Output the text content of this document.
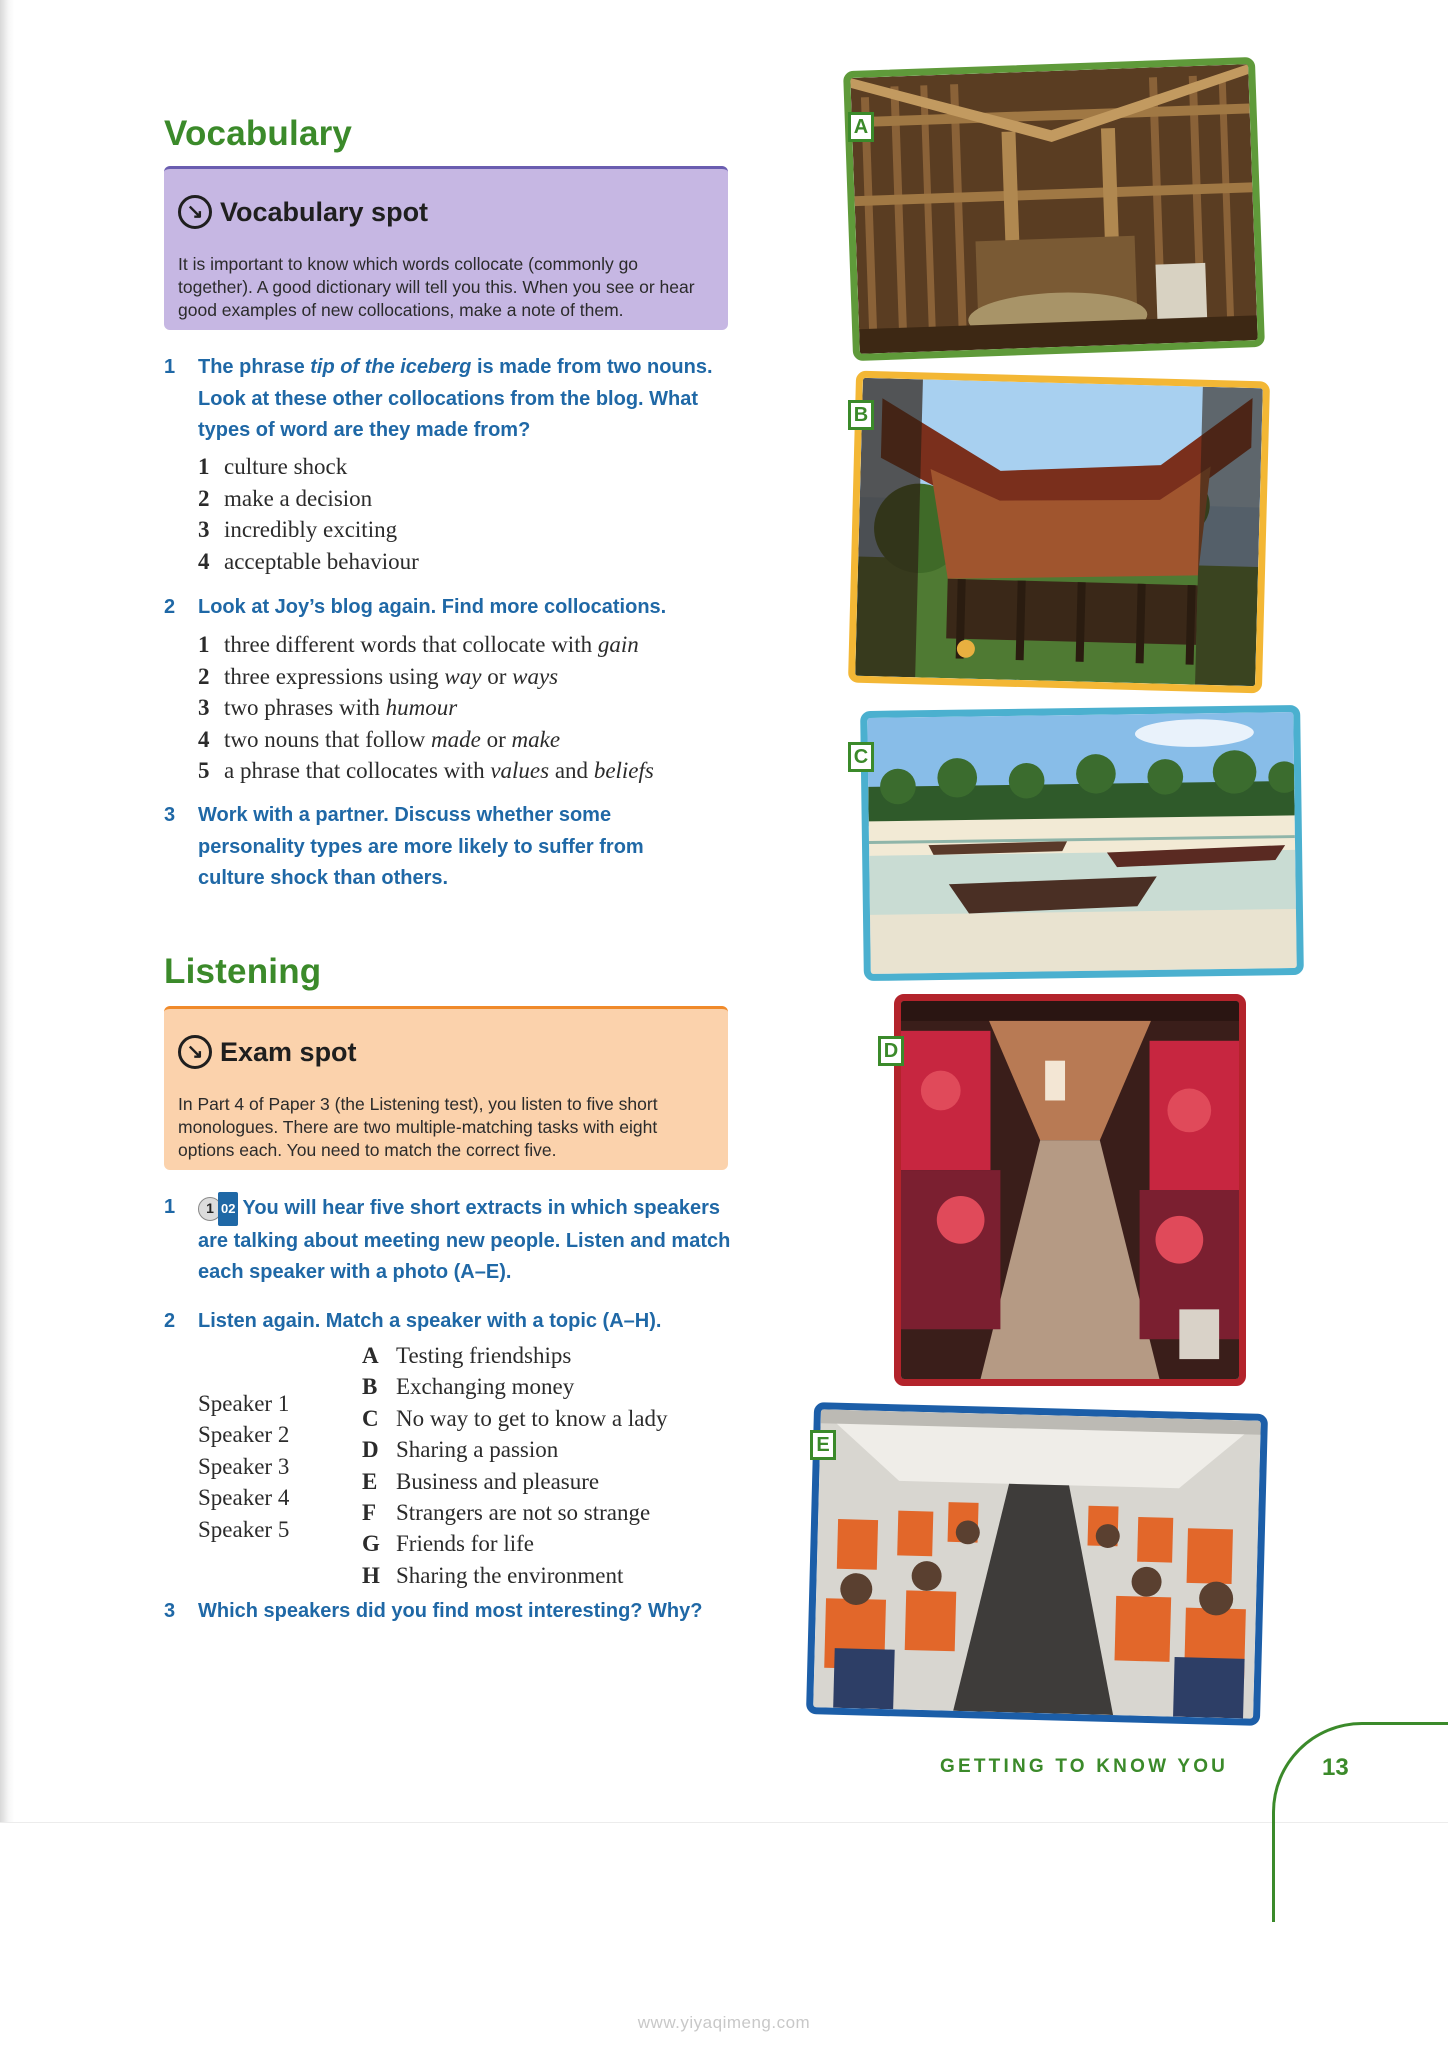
Vocabulary
↘ Vocabulary spot
It is important to know which words collocate (commonly go together). A good dictionary will tell you this. When you see or hear good examples of new collocations, make a note of them.
1 The phrase tip of the iceberg is made from two nouns. Look at these other collocations from the blog. What types of word are they made from?
1 culture shock
2 make a decision
3 incredibly exciting
4 acceptable behaviour
2 Look at Joy’s blog again. Find more collocations.
1 three different words that collocate with gain
2 three expressions using way or ways
3 two phrases with humour
4 two nouns that follow made or make
5 a phrase that collocates with values and beliefs
3 Work with a partner. Discuss whether some personality types are more likely to suffer from culture shock than others.
Listening
↘ Exam spot
In Part 4 of Paper 3 (the Listening test), you listen to five short monologues. There are two multiple-matching tasks with eight options each. You need to match the correct five.
1	1 02 You will hear five short extracts in which speakers are talking about meeting new people. Listen and match each speaker with a photo (A–E).
2 Listen again. Match a speaker with a topic (A–H).
Speaker 1
Speaker 2
Speaker 3
Speaker 4
Speaker 5
A Testing friendships
B Exchanging money
C No way to get to know a lady
D Sharing a passion
E Business and pleasure
F Strangers are not so strange
G Friends for life
H Sharing the environment
3 Which speakers did you find most interesting? Why?
A
B
C
D
E
GETTING TO KNOW YOU	13
www.yiyaqimeng.com
